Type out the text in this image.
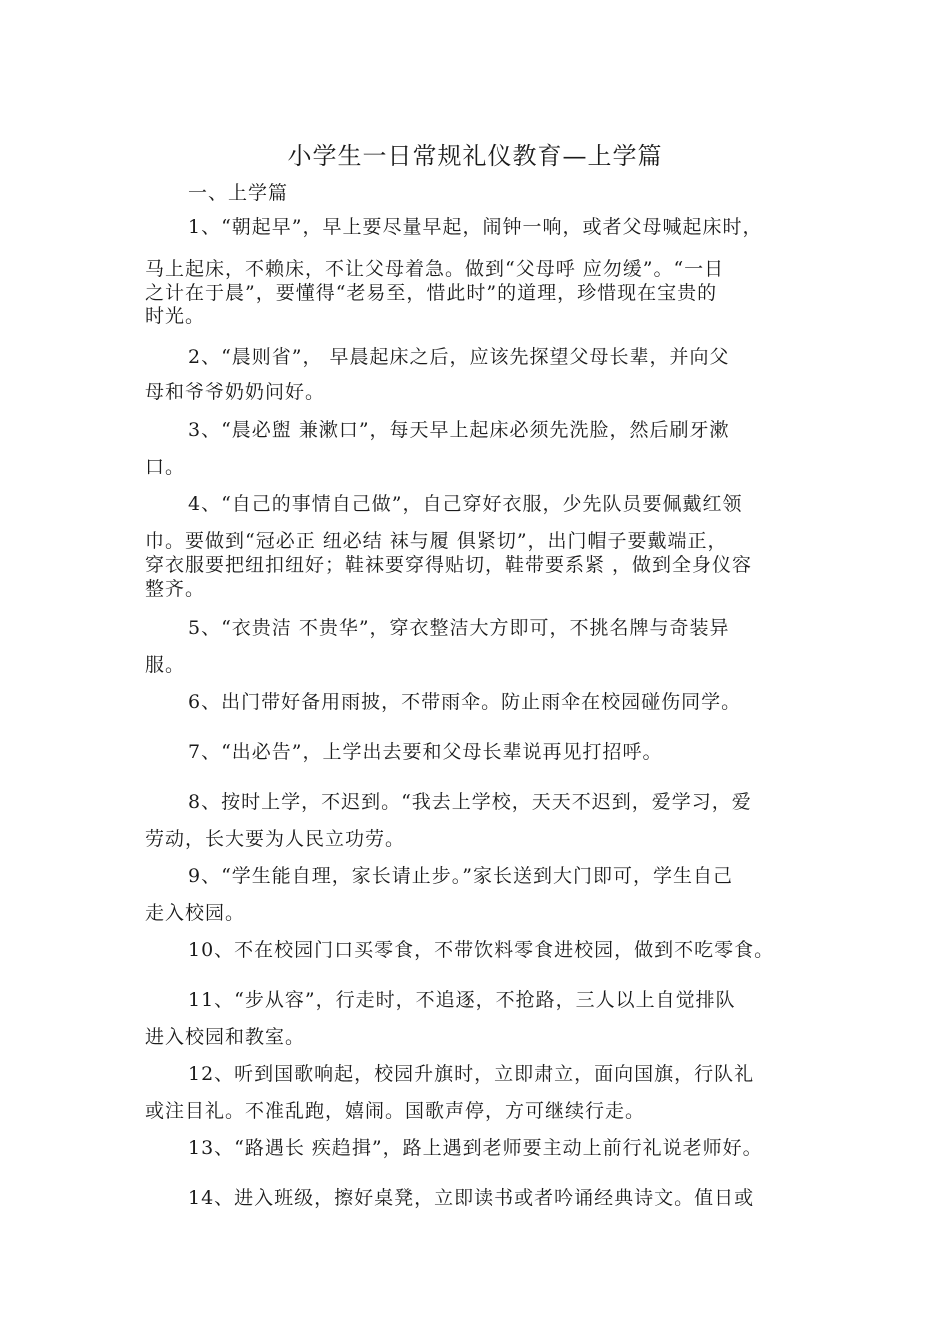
小学生一日常规礼仪教育—上学篇
一、上学篇
1、“朝起早”，早上要尽量早起，闹钟一响，或者父母喊起床时，
马上起床，不赖床，不让父母着急。做到“父母呼 应勿缓”。“一日
之计在于晨”，要懂得“老易至，惜此时”的道理，珍惜现在宝贵的
时光。
2、“晨则省”， 早晨起床之后，应该先探望父母长辈，并向父
母和爷爷奶奶问好。
3、“晨必盥 兼漱口”，每天早上起床必须先洗脸，然后刷牙漱
口。
4、“自己的事情自己做”，自己穿好衣服，少先队员要佩戴红领
巾。要做到“冠必正 纽必结 袜与履 俱紧切”，出门帽子要戴端正，
穿衣服要把纽扣纽好；鞋袜要穿得贴切，鞋带要系紧 ，做到全身仪容
整齐。
5、“衣贵洁 不贵华”，穿衣整洁大方即可，不挑名牌与奇装异
服。
6、出门带好备用雨披，不带雨伞。防止雨伞在校园碰伤同学。
7、“出必告”，上学出去要和父母长辈说再见打招呼。
8、按时上学，不迟到。“我去上学校，天天不迟到，爱学习，爱
劳动，长大要为人民立功劳。
9、“学生能自理，家长请止步。”家长送到大门即可，学生自己
走入校园。
10、不在校园门口买零食，不带饮料零食进校园，做到不吃零食。
11、“步从容”，行走时，不追逐，不抢路，三人以上自觉排队
进入校园和教室。
12、听到国歌响起，校园升旗时，立即肃立，面向国旗，行队礼
或注目礼。不准乱跑，嬉闹。国歌声停，方可继续行走。
13、“路遇长 疾趋揖”，路上遇到老师要主动上前行礼说老师好。
14、进入班级，擦好桌凳，立即读书或者吟诵经典诗文。值日或
